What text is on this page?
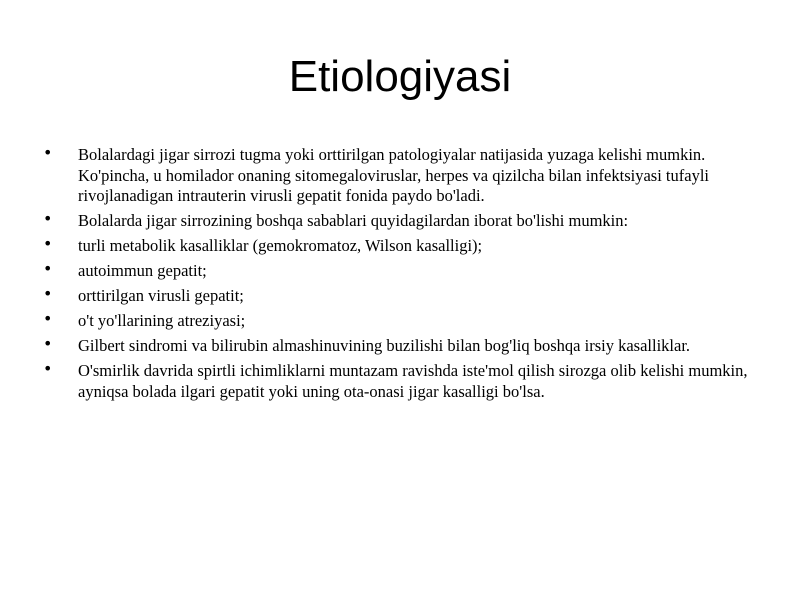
Etiologiyasi
• Bolalardagi jigar sirrozi tugma yoki orttirilgan patologiyalar natijasida yuzaga kelishi mumkin. Ko'pincha, u homilador onaning sitomegaloviruslar, herpes va qizilcha bilan infektsiyasi tufayli rivojlanadigan intrauterin virusli gepatit fonida paydo bo'ladi.
• Bolalarda jigar sirrozining boshqa sabablari quyidagilardan iborat bo'lishi mumkin:
• turli metabolik kasalliklar (gemokromatoz, Wilson kasalligi);
• autoimmun gepatit;
• orttirilgan virusli gepatit;
• o't yo'llarining atreziyasi;
• Gilbert sindromi va bilirubin almashinuvining buzilishi bilan bog'liq boshqa irsiy kasalliklar.
• O'smirlik davrida spirtli ichimliklarni muntazam ravishda iste'mol qilish sirozga olib kelishi mumkin, ayniqsa bolada ilgari gepatit yoki uning ota-onasi jigar kasalligi bo'lsa.
